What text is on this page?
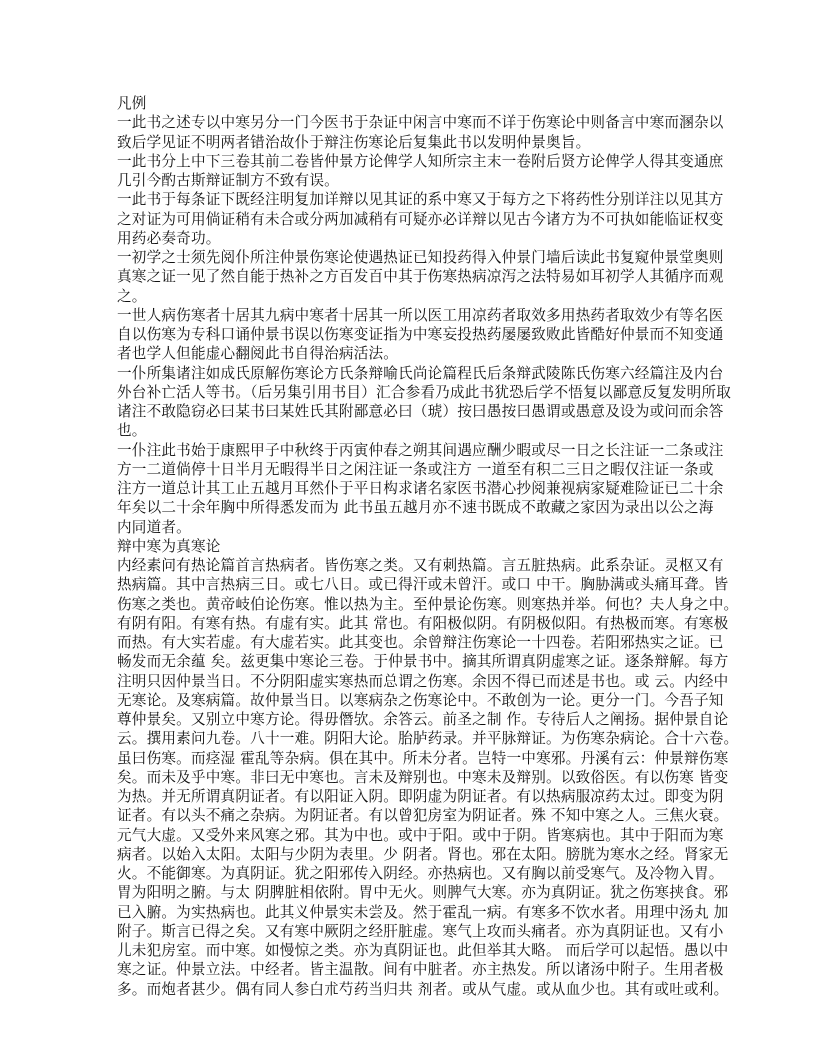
凡例
一此书之述专以中寒另分一门今医书于杂证中闲言中寒而不详于伤寒论中则备言中寒而溷杂以
致后学见证不明两者错治故仆于辩注伤寒论后复集此书以发明仲景奥旨。
一此书分上中下三卷其前二卷皆仲景方论俾学人知所宗主末一卷附后贤方论俾学人得其变通庶
几引今酌古斯辩证制方不致有误。
一此书于每条证下既经注明复加详辩以见其证的系中寒又于每方之下将药性分别详注以见其方
之对证为可用倘证稍有未合或分两加减稍有可疑亦必详辩以见古今诸方为不可执如能临证权变
用药必奏奇功。
一初学之士须先阅仆所注仲景伤寒论使遇热证已知投药得入仲景门墙后读此书复窥仲景堂奥则
真寒之证一见了然自能于热补之方百发百中其于伤寒热病凉泻之法特易如耳初学人其循序而观
之。
一世人病伤寒者十居其九病中寒者十居其一所以医工用凉药者取效多用热药者取效少有等名医
自以伤寒为专科口诵仲景书误以伤寒变证指为中寒妄投热药屡屡致败此皆酷好仲景而不知变通
者也学人但能虚心翻阅此书自得治病活法。
一仆所集诸注如成氏原解伤寒论方氏条辩喻氏尚论篇程氏后条辩武陵陈氏伤寒六经篇注及内台
外台补亡活人等书。（后另集引用书目）汇合参看乃成此书犹恐后学不悟复以鄙意反复发明所取
诸注不敢隐窃必曰某书曰某姓氏其附鄙意必曰（琥）按曰愚按曰愚谓或愚意及设为或问而余答
也。
一仆注此书始于康熙甲子中秋终于丙寅仲春之朔其间遇应酬少暇或尽一日之长注证一二条或注
方一二道倘停十日半月无暇得半日之闲注证一条或注方 一道至有积二三日之暇仅注证一条或
注方一道总计其工止五越月耳然仆于平日构求诸名家医书潜心抄阅兼视病家疑难险证已二十余
年矣以二十余年胸中所得悉发而为 此书虽五越月亦不速书既成不敢藏之家因为录出以公之海
内同道者。
辩中寒为真寒论
内经素问有热论篇首言热病者。皆伤寒之类。又有刺热篇。言五脏热病。此系杂证。灵枢又有
热病篇。其中言热病三日。或七八日。或已得汗或未曾汗。或口 中干。胸胁满或头痛耳聋。皆
伤寒之类也。黄帝岐伯论伤寒。惟以热为主。至仲景论伤寒。则寒热并举。何也？夫人身之中。
有阴有阳。有寒有热。有虚有实。此其 常也。有阳极似阴。有阴极似阳。有热极而寒。有寒极
而热。有大实若虚。有大虚若实。此其变也。余曾辩注伤寒论一十四卷。若阳邪热实之证。已
畅发而无余蕴 矣。兹更集中寒论三卷。于仲景书中。摘其所谓真阴虚寒之证。逐条辩解。每方
注明只因仲景当日。不分阴阳虚实寒热而总谓之伤寒。余因不得已而述是书也。或 云。内经中
无寒论。及寒病篇。故仲景当日。以寒病杂之伤寒论中。不敢创为一论。更分一门。今吾子知
尊仲景矣。又别立中寒方论。得毋僭欤。余答云。前圣之制 作。专待后人之阐扬。据仲景自论
云。撰用素问九卷。八十一难。阴阳大论。胎胪药录。并平脉辩证。为伤寒杂病论。合十六卷。
虽曰伤寒。而痉湿 霍乱等杂病。俱在其中。所未分者。岂特一中寒邪。丹溪有云：仲景辩伤寒
矣。而未及乎中寒。非曰无中寒也。言未及辩别也。中寒未及辩别。以致俗医。有以伤寒 皆变
为热。并无所谓真阴证者。有以阳证入阴。即阴虚为阴证者。有以热病服凉药太过。即变为阴
证者。有以头不痛之杂病。为阴证者。有以曾犯房室为阴证者。殊 不知中寒之人。三焦火衰。
元气大虚。又受外来风寒之邪。其为中也。或中于阳。或中于阴。皆寒病也。其中于阳而为寒
病者。以始入太阳。太阳与少阴为表里。少 阴者。肾也。邪在太阳。膀胱为寒水之经。肾家无
火。不能御寒。为真阴证。犹之阳邪传入阴经。亦热病也。又有胸以前受寒气。及冷物入胃。
胃为阳明之腑。与太 阴脾脏相依附。胃中无火。则脾气大寒。亦为真阴证。犹之伤寒挟食。邪
已入腑。为实热病也。此其义仲景实未尝及。然于霍乱一病。有寒多不饮水者。用理中汤丸 加
附子。斯言已得之矣。又有寒中厥阴之经肝脏虚。寒气上攻而头痛者。亦为真阴证也。又有小
儿未犯房室。而中寒。如慢惊之类。亦为真阴证也。此但举其大略。 而后学可以起悟。愚以中
寒之证。仲景立法。中经者。皆主温散。间有中脏者。亦主热发。所以诸汤中附子。生用者极
多。而炮者甚少。偶有同人参白朮芍药当归共 剂者。或从气虚。或从血少也。其有或吐或利。
